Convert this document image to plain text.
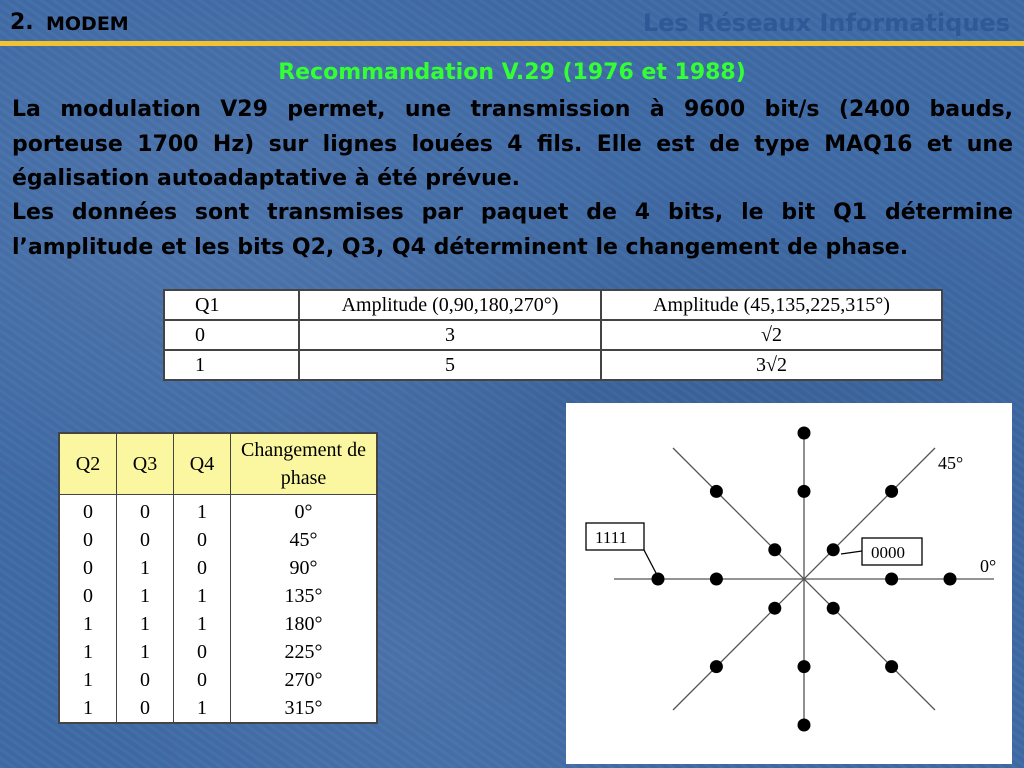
2. MODEM	Les Réseaux Informatiques
Recommandation V.29 (1976 et 1988)

La modulation V29 permet, une transmission à 9600 bit/s (2400 bauds, porteuse 1700 Hz) sur lignes louées 4 fils. Elle est de type MAQ16 et une égalisation autoadaptative à été prévue.

Les données sont transmises par paquet de 4 bits, le bit Q1 détermine l’amplitude et les bits Q2, Q3, Q4 déterminent le changement de phase.

Q1	Amplitude (0,90,180,270°)	Amplitude (45,135,225,315°)
0	3	√2
1	5	3√2
Q2	Q3	Q4	Changement de phase
0	0	1	0°
0	0	0	45°
0	1	0	90°
0	1	1	135°
1	1	1	180°
1	1	0	225°
1	0	0	270°
1	0	1	315°
45°
0°
1111
0000
